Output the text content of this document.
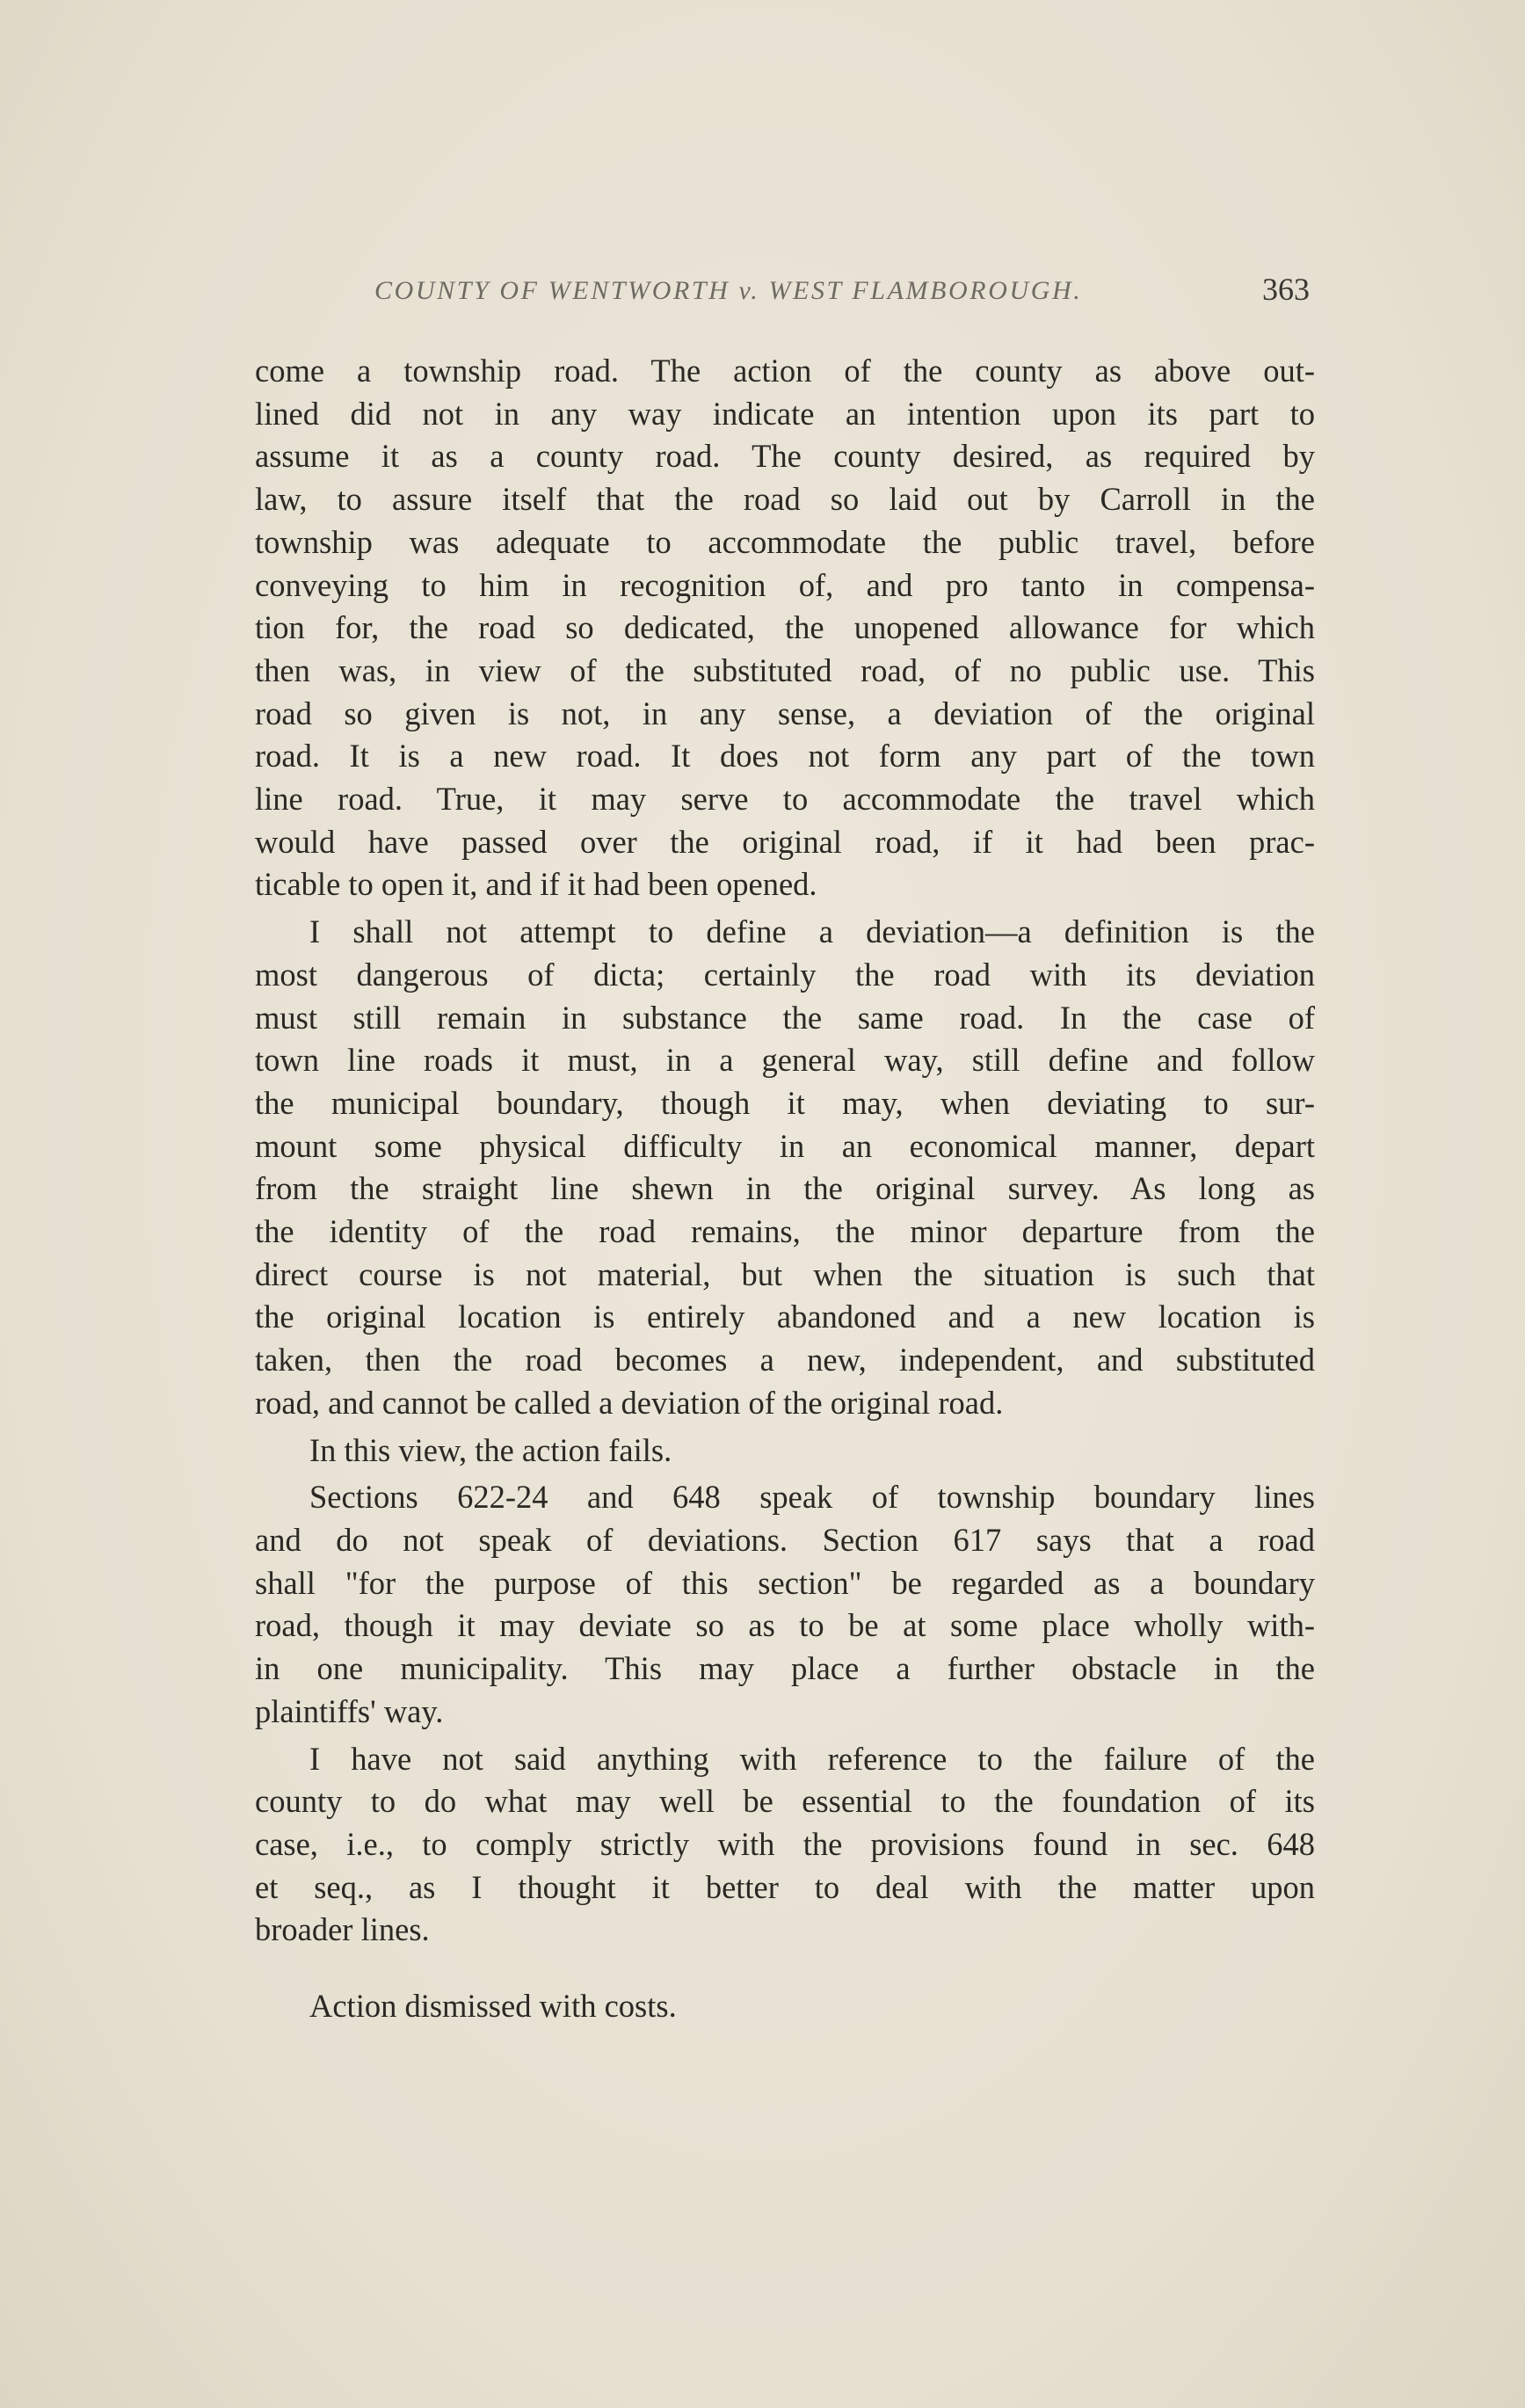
COUNTY OF WENTWORTH v. WEST FLAMBOROUGH.	363

come a township road. The action of the county as above out-
lined did not in any way indicate an intention upon its part to
assume it as a county road. The county desired, as required by
law, to assure itself that the road so laid out by Carroll in the
township was adequate to accommodate the public travel, before
conveying to him in recognition of, and pro tanto in compensa-
tion for, the road so dedicated, the unopened allowance for which
then was, in view of the substituted road, of no public use. This
road so given is not, in any sense, a deviation of the original
road. It is a new road. It does not form any part of the town
line road. True, it may serve to accommodate the travel which
would have passed over the original road, if it had been prac-
ticable to open it, and if it had been opened.

I shall not attempt to define a deviation—a definition is the
most dangerous of dicta; certainly the road with its deviation
must still remain in substance the same road. In the case of
town line roads it must, in a general way, still define and follow
the municipal boundary, though it may, when deviating to sur-
mount some physical difficulty in an economical manner, depart
from the straight line shewn in the original survey. As long as
the identity of the road remains, the minor departure from the
direct course is not material, but when the situation is such that
the original location is entirely abandoned and a new location is
taken, then the road becomes a new, independent, and substituted
road, and cannot be called a deviation of the original road.

In this view, the action fails.

Sections 622-24 and 648 speak of township boundary lines
and do not speak of deviations. Section 617 says that a road
shall "for the purpose of this section" be regarded as a boundary
road, though it may deviate so as to be at some place wholly with-
in one municipality. This may place a further obstacle in the
plaintiffs' way.

I have not said anything with reference to the failure of the
county to do what may well be essential to the foundation of its
case, i.e., to comply strictly with the provisions found in sec. 648
et seq., as I thought it better to deal with the matter upon
broader lines.

Action dismissed with costs.
